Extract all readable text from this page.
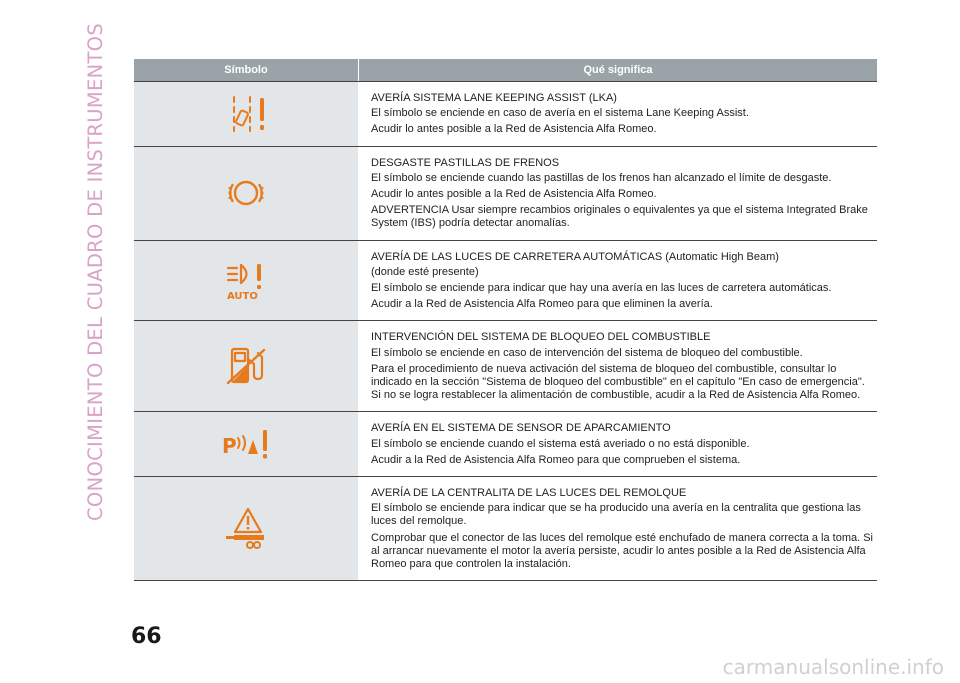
CONOCIMIENTO DEL CUADRO DE INSTRUMENTOS
66
carmanualsonline.info
Símbolo	Qué significa

AVERÍA SISTEMA LANE KEEPING ASSIST (LKA)

El símbolo se enciende en caso de avería en el sistema Lane Keeping Assist.

Acudir lo antes posible a la Red de Asistencia Alfa Romeo.

DESGASTE PASTILLAS DE FRENOS

El símbolo se enciende cuando las pastillas de los frenos han alcanzado el límite de desgaste.

Acudir lo antes posible a la Red de Asistencia Alfa Romeo.

ADVERTENCIA Usar siempre recambios originales o equivalentes ya que el sistema Integrated Brake System (IBS) podría detectar anomalías.

AUTO

AVERÍA DE LAS LUCES DE CARRETERA AUTOMÁTICAS (Automatic High Beam)

(donde esté presente)

El símbolo se enciende para indicar que hay una avería en las luces de carretera automáticas.

Acudir a la Red de Asistencia Alfa Romeo para que eliminen la avería.

INTERVENCIÓN DEL SISTEMA DE BLOQUEO DEL COMBUSTIBLE

El símbolo se enciende en caso de intervención del sistema de bloqueo del combustible.

Para el procedimiento de nueva activación del sistema de bloqueo del combustible, consultar lo indicado en la sección "Sistema de bloqueo del combustible" en el capítulo "En caso de emergencia". Si no se logra restablecer la alimentación de combustible, acudir a la Red de Asistencia Alfa Romeo.

P

AVERÍA EN EL SISTEMA DE SENSOR DE APARCAMIENTO

El símbolo se enciende cuando el sistema está averiado o no está disponible.

Acudir a la Red de Asistencia Alfa Romeo para que comprueben el sistema.

AVERÍA DE LA CENTRALITA DE LAS LUCES DEL REMOLQUE

El símbolo se enciende para indicar que se ha producido una avería en la centralita que gestiona las luces del remolque.

Comprobar que el conector de las luces del remolque esté enchufado de manera correcta a la toma. Si al arrancar nuevamente el motor la avería persiste, acudir lo antes posible a la Red de Asistencia Alfa Romeo para que controlen la instalación.
